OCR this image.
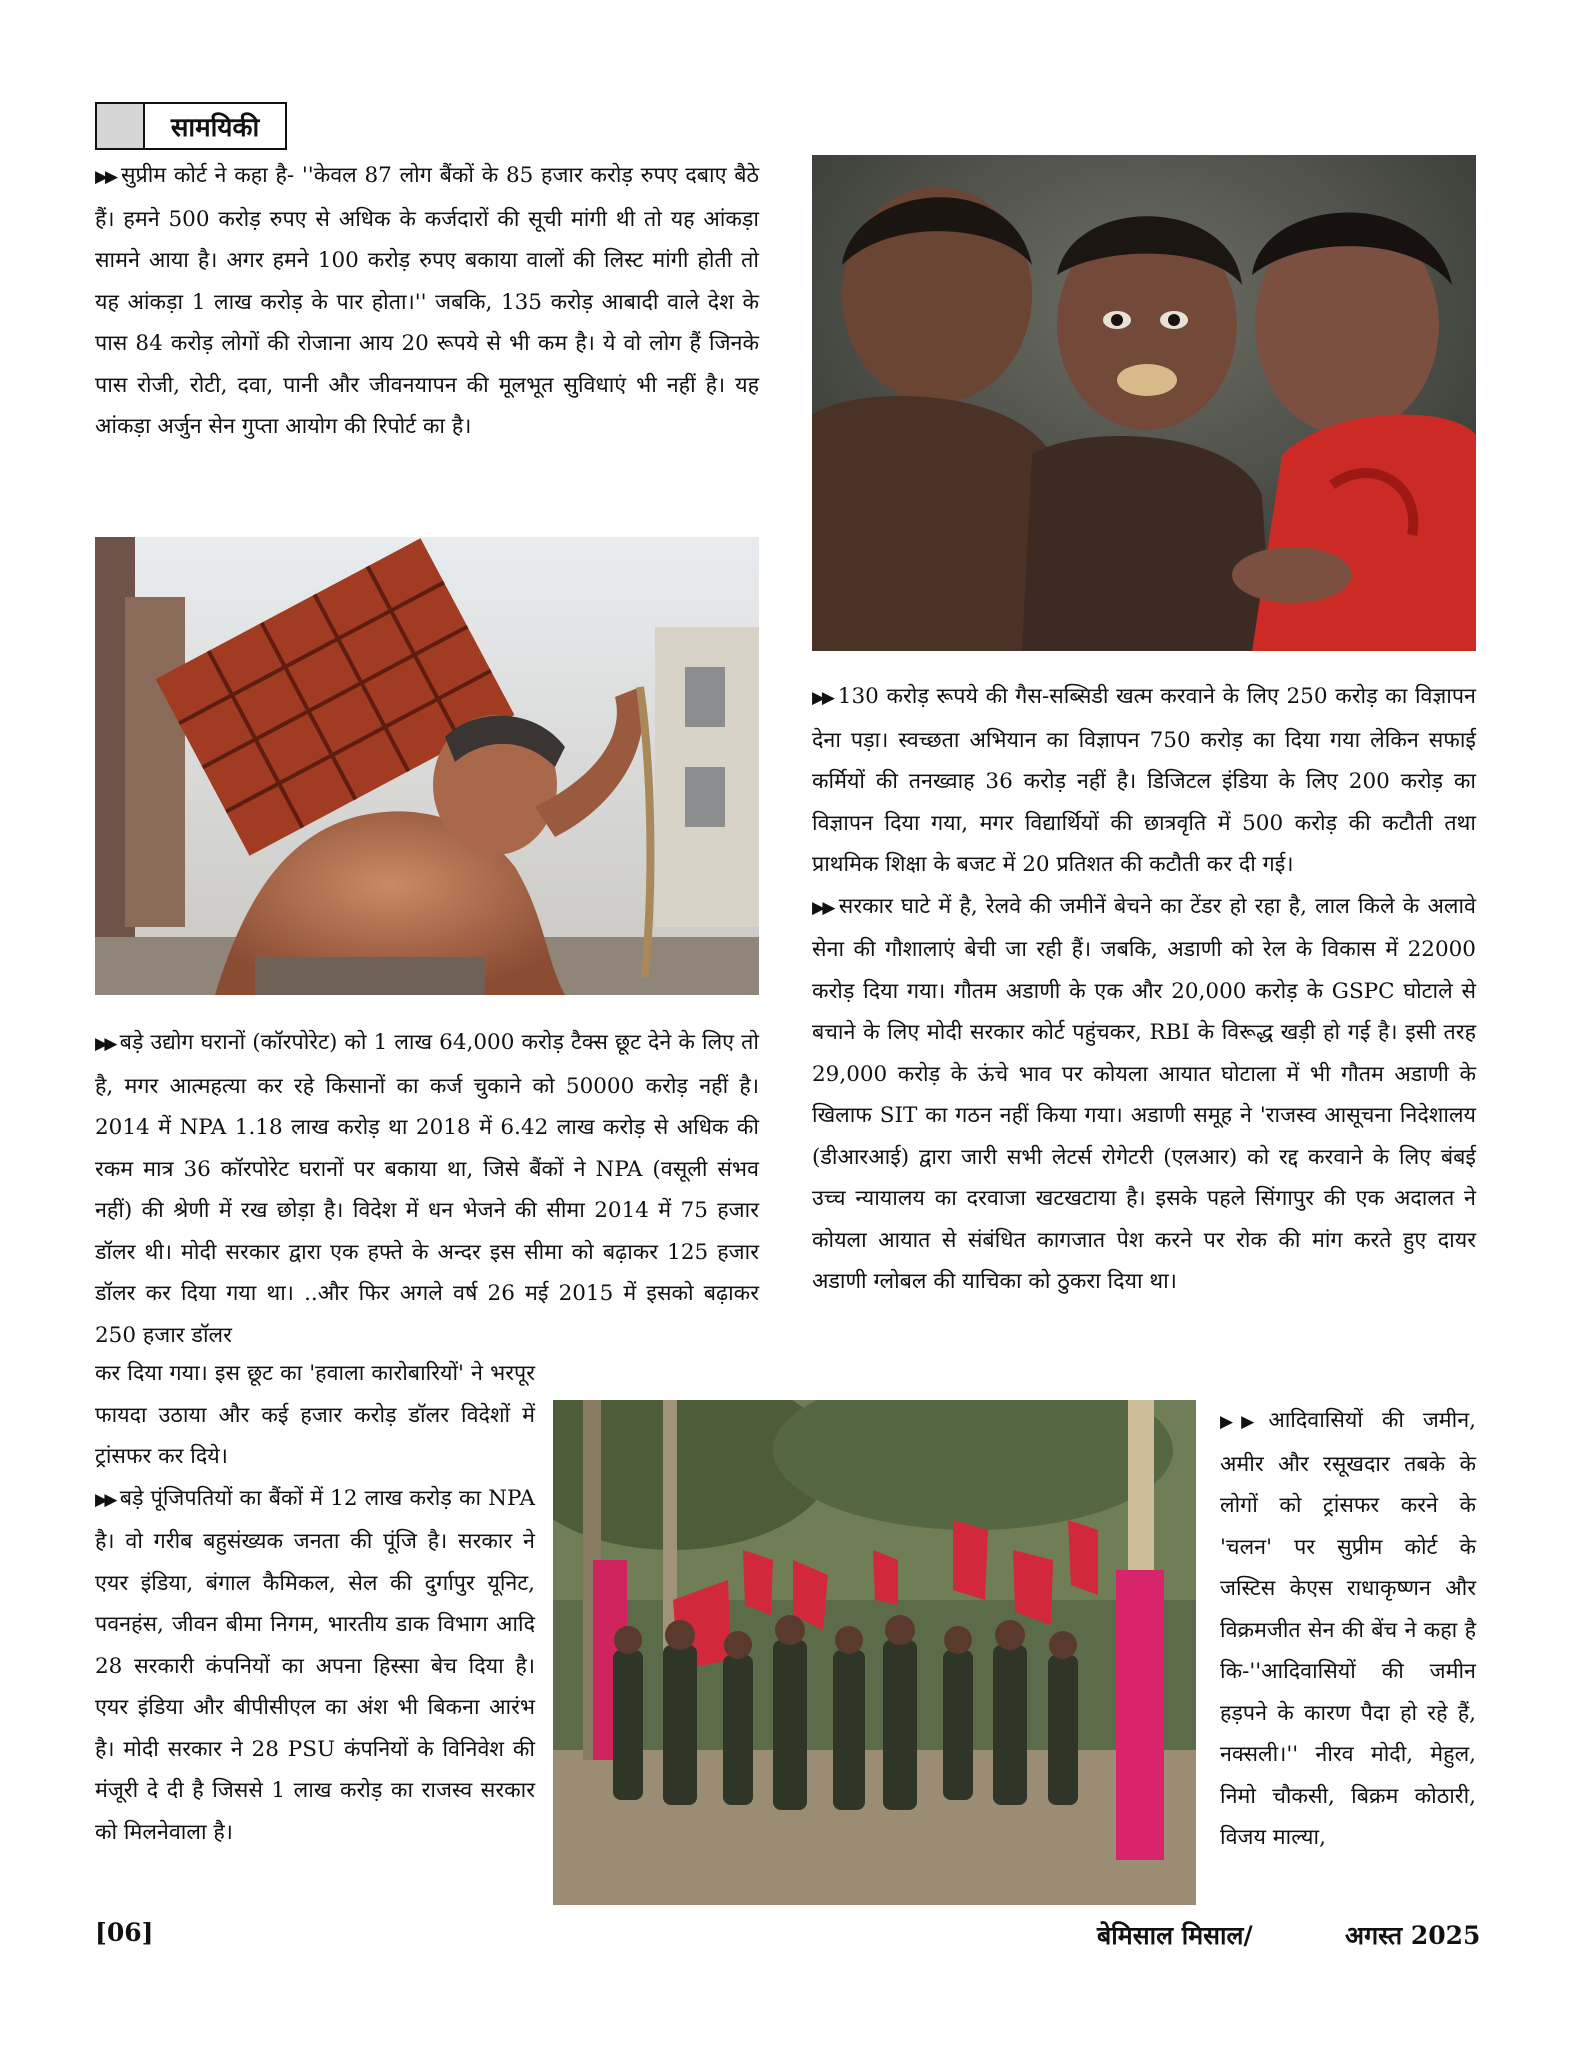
सामयिकी

▶▶ सुप्रीम कोर्ट ने कहा है- ''केवल 87 लोग बैंकों के 85 हजार करोड़ रुपए दबाए बैठे हैं। हमने 500 करोड़ रुपए से अधिक के कर्जदारों की सूची मांगी थी तो यह आंकड़ा सामने आया है। अगर हमने 100 करोड़ रुपए बकाया वालों की लिस्ट मांगी होती तो यह आंकड़ा 1 लाख करोड़ के पार होता।'' जबकि, 135 करोड़ आबादी वाले देश के पास 84 करोड़ लोगों की रोजाना आय 20 रूपये से भी कम है। ये वो लोग हैं जिनके पास रोजी, रोटी, दवा, पानी और जीवनयापन की मूलभूत सुविधाएं भी नहीं है। यह आंकड़ा अर्जुन सेन गुप्ता आयोग की रिपोर्ट का है।

▶▶ बड़े उद्योग घरानों (कॉरपोरेट) को 1 लाख 64,000 करोड़ टैक्स छूट देने के लिए तो है, मगर आत्महत्या कर रहे किसानों का कर्ज चुकाने को 50000 करोड़ नहीं है। 2014 में NPA 1.18 लाख करोड़ था 2018 में 6.42 लाख करोड़ से अधिक की रकम मात्र 36 कॉरपोरेट घरानों पर बकाया था, जिसे बैंकों ने NPA (वसूली संभव नहीं) की श्रेणी में रख छोड़ा है। विदेश में धन भेजने की सीमा 2014 में 75 हजार डॉलर थी। मोदी सरकार द्वारा एक हफ्ते के अन्दर इस सीमा को बढ़ाकर 125 हजार डॉलर कर दिया गया था। ..और फिर अगले वर्ष 26 मई 2015 में इसको बढ़ाकर 250 हजार डॉलर

कर दिया गया। इस छूट का 'हवाला कारोबारियों' ने भरपूर फायदा उठाया और कई हजार करोड़ डॉलर विदेशों में ट्रांसफर कर दिये।

▶▶ बड़े पूंजिपतियों का बैंकों में 12 लाख करोड़ का NPA है। वो गरीब बहुसंख्यक जनता की पूंजि है। सरकार ने एयर इंडिया, बंगाल कैमिकल, सेल की दुर्गापुर यूनिट, पवनहंस, जीवन बीमा निगम, भारतीय डाक विभाग आदि 28 सरकारी कंपनियों का अपना हिस्सा बेच दिया है। एयर इंडिया और बीपीसीएल का अंश भी बिकना आरंभ है। मोदी सरकार ने 28 PSU कंपनियों के विनिवेश की मंजूरी दे दी है जिससे 1 लाख करोड़ का राजस्व सरकार को मिलनेवाला है।

▶▶ 130 करोड़ रूपये की गैस-सब्सिडी खत्म करवाने के लिए 250 करोड़ का विज्ञापन देना पड़ा। स्वच्छता अभियान का विज्ञापन 750 करोड़ का दिया गया लेकिन सफाई कर्मियों की तनख्वाह 36 करोड़ नहीं है। डिजिटल इंडिया के लिए 200 करोड़ का विज्ञापन दिया गया, मगर विद्यार्थियों की छात्रवृति में 500 करोड़ की कटौती तथा प्राथमिक शिक्षा के बजट में 20 प्रतिशत की कटौती कर दी गई।

▶▶ सरकार घाटे में है, रेलवे की जमीनें बेचने का टेंडर हो रहा है, लाल किले के अलावे सेना की गौशालाएं बेची जा रही हैं। जबकि, अडाणी को रेल के विकास में 22000 करोड़ दिया गया। गौतम अडाणी के एक और 20,000 करोड़ के GSPC घोटाले से बचाने के लिए मोदी सरकार कोर्ट पहुंचकर, RBI के विरूद्ध खड़ी हो गई है। इसी तरह 29,000 करोड़ के ऊंचे भाव पर कोयला आयात घोटाला में भी गौतम अडाणी के खिलाफ SIT का गठन नहीं किया गया। अडाणी समूह ने 'राजस्व आसूचना निदेशालय (डीआरआई) द्वारा जारी सभी लेटर्स रोगेटरी (एलआर) को रद्द करवाने के लिए बंबई उच्च न्यायालय का दरवाजा खटखटाया है। इसके पहले सिंगापुर की एक अदालत ने कोयला आयात से संबंधित कागजात पेश करने पर रोक की मांग करते हुए दायर अडाणी ग्लोबल की याचिका को ठुकरा दिया था।

▶▶ आदिवासियों की जमीन, अमीर और रसूखदार तबके के लोगों को ट्रांसफर करने के 'चलन' पर सुप्रीम कोर्ट के जस्टिस केएस राधाकृष्णन और विक्रमजीत सेन की बेंच ने कहा है कि-''आदिवासियों की जमीन हड़पने के कारण पैदा हो रहे हैं, नक्सली।'' नीरव मोदी, मेहुल, निमो चौकसी, बिक्रम कोठारी, विजय माल्या,

[06]	बेमिसाल मिसाल/	अगस्त 2025
